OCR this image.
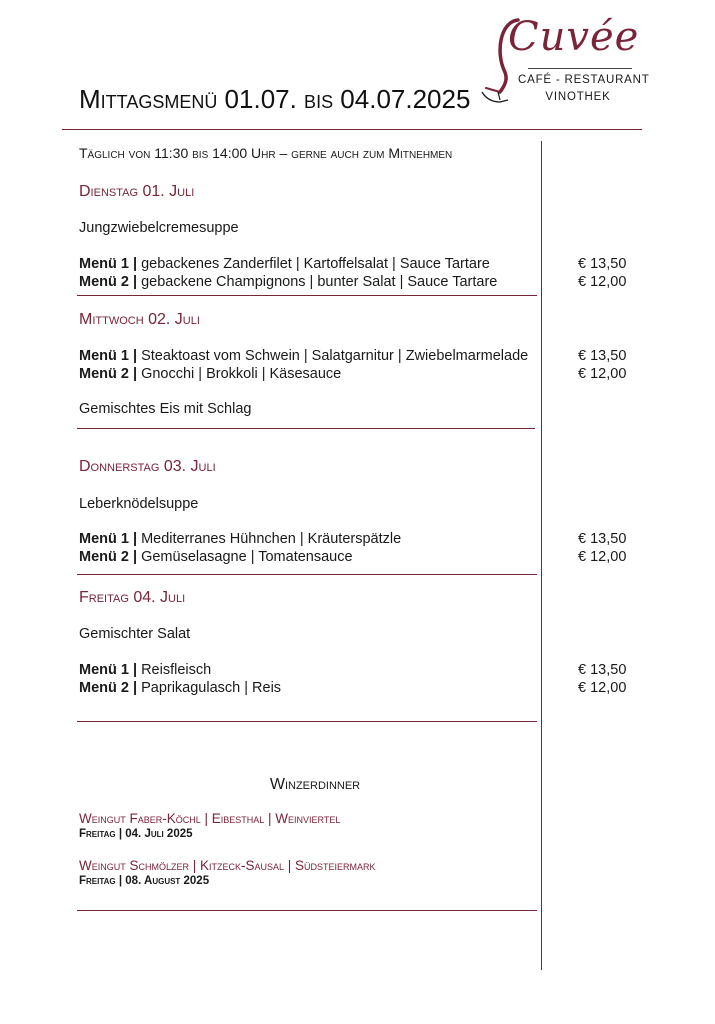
Cuvée
CAFÉ - RESTAURANT
VINOTHEK
Mittagsmenü 01.07. bis 04.07.2025
Täglich von 11:30 bis 14:00 Uhr – gerne auch zum Mitnehmen
Dienstag 01. Juli
Jungzwiebelcremesuppe
Menü 1 | gebackenes Zanderfilet | Kartoffelsalat | Sauce Tartare	€ 13,50
Menü 2 | gebackene Champignons | bunter Salat | Sauce Tartare	€ 12,00
Mittwoch 02. Juli
Menü 1 | Steaktoast vom Schwein | Salatgarnitur | Zwiebelmarmelade	€ 13,50
Menü 2 | Gnocchi | Brokkoli | Käsesauce	€ 12,00
Gemischtes Eis mit Schlag
Donnerstag 03. Juli
Leberknödelsuppe
Menü 1 | Mediterranes Hühnchen | Kräuterspätzle	€ 13,50
Menü 2 | Gemüselasagne | Tomatensauce	€ 12,00
Freitag 04. Juli
Gemischter Salat
Menü 1 | Reisfleisch	€ 13,50
Menü 2 | Paprikagulasch | Reis	€ 12,00
Winzerdinner
Weingut Faber-Köchl | Eibesthal | Weinviertel
Freitag | 04. Juli 2025
Weingut Schmölzer | Kitzeck-Sausal | Südsteiermark
Freitag | 08. August 2025
